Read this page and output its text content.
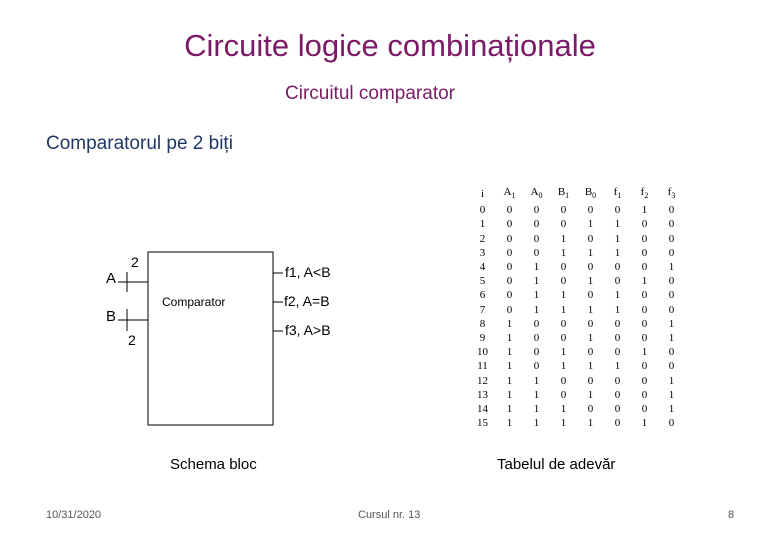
Circuite logice combinaționale
Circuitul comparator
Comparatorul pe 2 biți
A
B
2
2
Comparator
f1, A<B
f2, A=B
f3, A>B
Schema bloc
i	$A_1$	$A_0$	$B_1$	$B_0$	$f_1$	$f_2$	$f_3$
0	0	0	0	0	0	1	0
1	0	0	0	1	1	0	0
2	0	0	1	0	1	0	0
3	0	0	1	1	1	0	0
4	0	1	0	0	0	0	1
5	0	1	0	1	0	1	0
6	0	1	1	0	1	0	0
7	0	1	1	1	1	0	0
8	1	0	0	0	0	0	1
9	1	0	0	1	0	0	1
10	1	0	1	0	0	1	0
11	1	0	1	1	1	0	0
12	1	1	0	0	0	0	1
13	1	1	0	1	0	0	1
14	1	1	1	0	0	0	1
15	1	1	1	1	0	1	0
Tabelul de adevăr
10/31/2020	Cursul nr. 13	8
